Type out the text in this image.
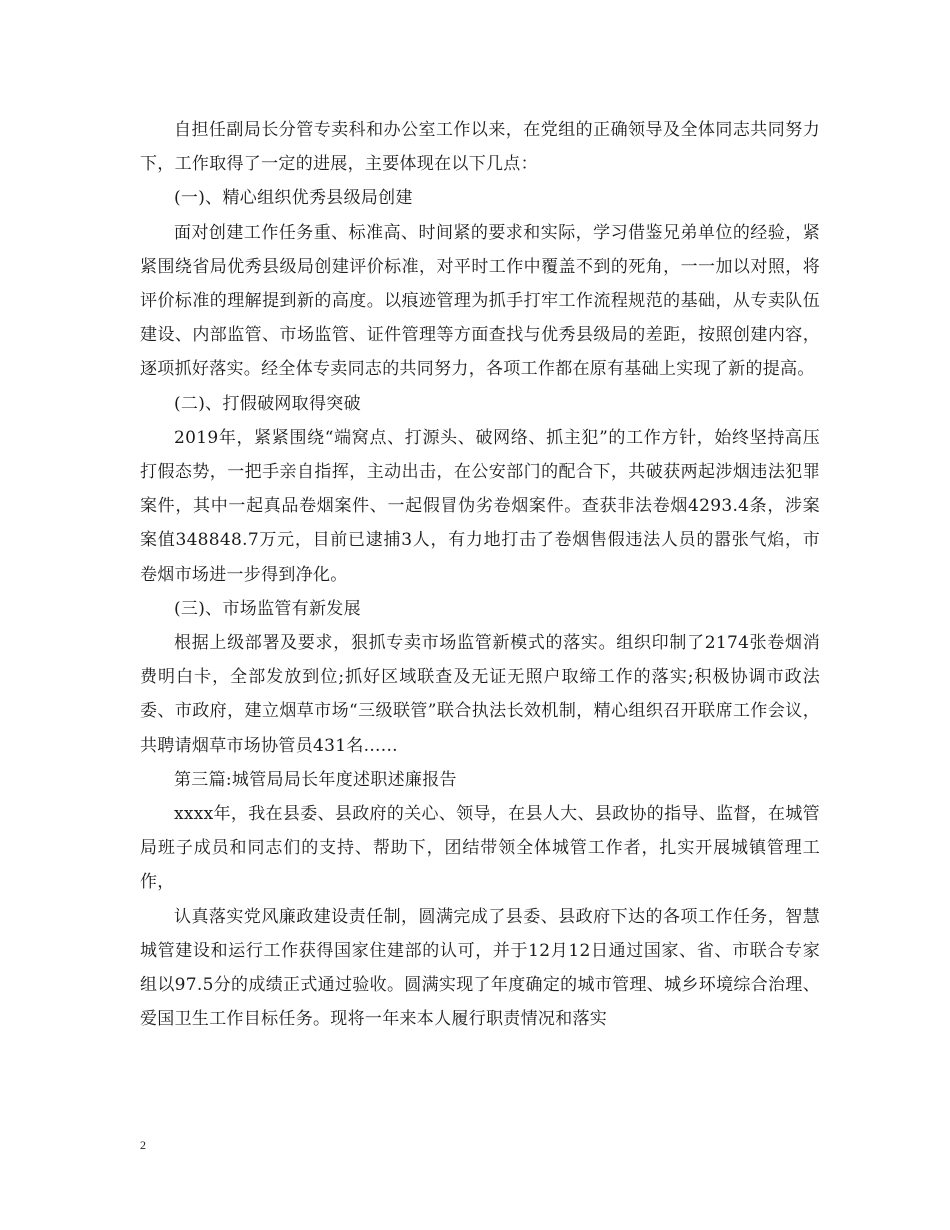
自担任副局长分管专卖科和办公室工作以来，在党组的正确领导及全体同志共同努力下，工作取得了一定的进展，主要体现在以下几点：

(一)、精心组织优秀县级局创建

面对创建工作任务重、标准高、时间紧的要求和实际，学习借鉴兄弟单位的经验，紧紧围绕省局优秀县级局创建评价标准，对平时工作中覆盖不到的死角，一一加以对照，将评价标准的理解提到新的高度。以痕迹管理为抓手打牢工作流程规范的基础，从专卖队伍建设、内部监管、市场监管、证件管理等方面查找与优秀县级局的差距，按照创建内容，逐项抓好落实。经全体专卖同志的共同努力，各项工作都在原有基础上实现了新的提高。

(二)、打假破网取得突破

2019年，紧紧围绕“端窝点、打源头、破网络、抓主犯”的工作方针，始终坚持高压打假态势，一把手亲自指挥，主动出击，在公安部门的配合下，共破获两起涉烟违法犯罪案件，其中一起真品卷烟案件、一起假冒伪劣卷烟案件。查获非法卷烟4293.4条，涉案案值348848.7万元，目前已逮捕3人，有力地打击了卷烟售假违法人员的嚣张气焰，市卷烟市场进一步得到净化。

(三)、市场监管有新发展

根据上级部署及要求，狠抓专卖市场监管新模式的落实。组织印制了2174张卷烟消费明白卡，全部发放到位;抓好区域联查及无证无照户取缔工作的落实;积极协调市政法委、市政府，建立烟草市场“三级联管”联合执法长效机制，精心组织召开联席工作会议，共聘请烟草市场协管员431名......

第三篇:城管局局长年度述职述廉报告

xxxx年，我在县委、县政府的关心、领导，在县人大、县政协的指导、监督，在城管局班子成员和同志们的支持、帮助下，团结带领全体城管工作者，扎实开展城镇管理工作，

认真落实党风廉政建设责任制，圆满完成了县委、县政府下达的各项工作任务，智慧城管建设和运行工作获得国家住建部的认可，并于12月12日通过国家、省、市联合专家组以97.5分的成绩正式通过验收。圆满实现了年度确定的城市管理、城乡环境综合治理、爱国卫生工作目标任务。现将一年来本人履行职责情况和落实

2
